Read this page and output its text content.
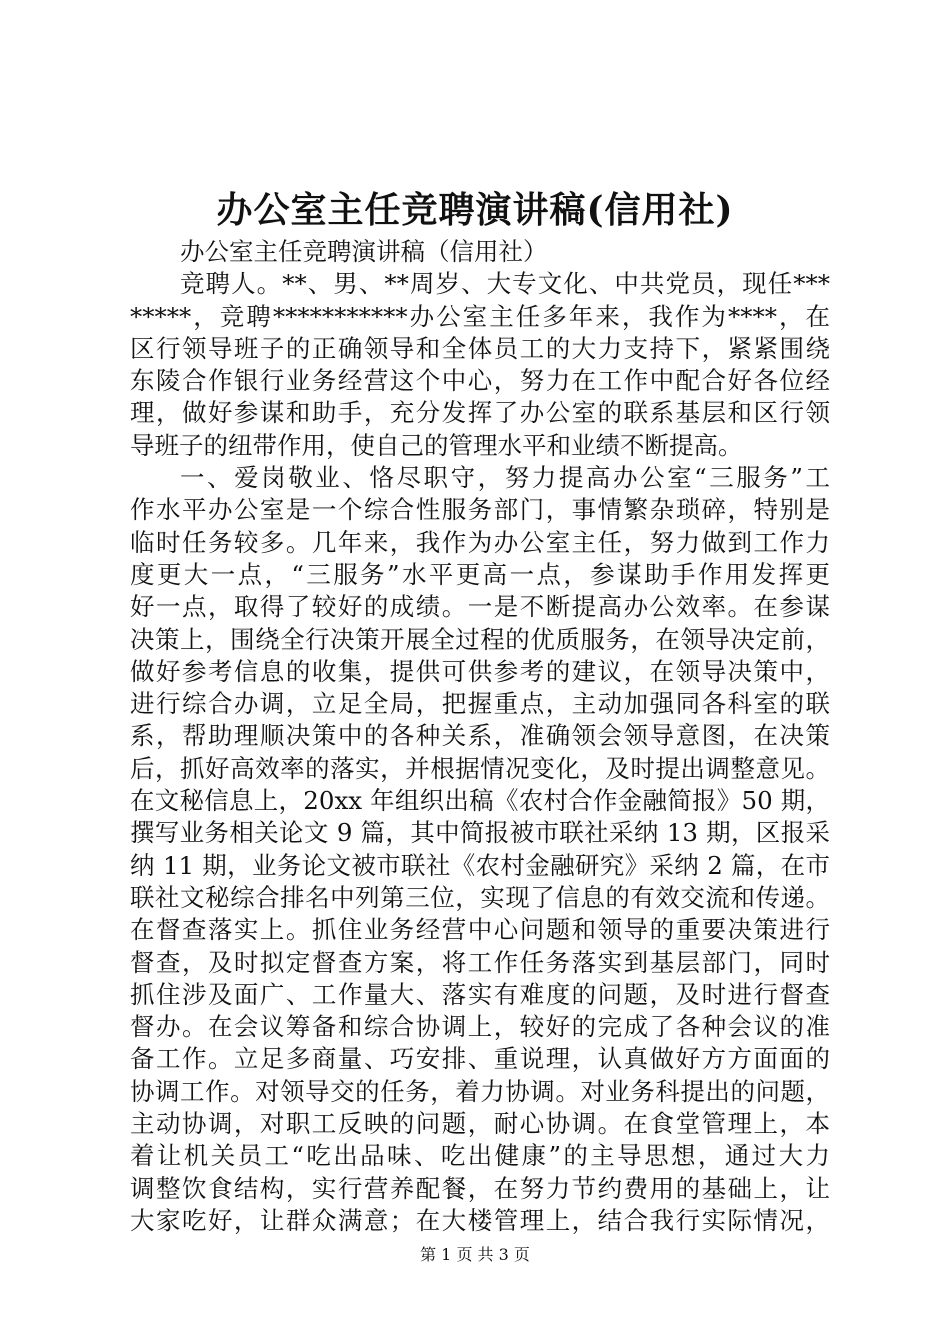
办公室主任竞聘演讲稿(信用社)
办公室主任竞聘演讲稿（信用社）
竞聘人。**、男、**周岁、大专文化、中共党员，现任***
*****，竞聘***********办公室主任多年来，我作为****，在
区行领导班子的正确领导和全体员工的大力支持下，紧紧围绕
东陵合作银行业务经营这个中心，努力在工作中配合好各位经
理，做好参谋和助手，充分发挥了办公室的联系基层和区行领
导班子的纽带作用，使自己的管理水平和业绩不断提高。
一、爱岗敬业、恪尽职守，努力提高办公室“三服务”工
作水平办公室是一个综合性服务部门，事情繁杂琐碎，特别是
临时任务较多。几年来，我作为办公室主任，努力做到工作力
度更大一点，“三服务”水平更高一点，参谋助手作用发挥更
好一点，取得了较好的成绩。一是不断提高办公效率。在参谋
决策上，围绕全行决策开展全过程的优质服务，在领导决定前，
做好参考信息的收集，提供可供参考的建议，在领导决策中，
进行综合办调，立足全局，把握重点，主动加强同各科室的联
系，帮助理顺决策中的各种关系，准确领会领导意图，在决策
后，抓好高效率的落实，并根据情况变化，及时提出调整意见。
在文秘信息上，20xx 年组织出稿《农村合作金融简报》50 期，
撰写业务相关论文 9 篇，其中简报被市联社采纳 13 期，区报采
纳 11 期，业务论文被市联社《农村金融研究》采纳 2 篇，在市
联社文秘综合排名中列第三位，实现了信息的有效交流和传递。
在督查落实上。抓住业务经营中心问题和领导的重要决策进行
督查，及时拟定督查方案，将工作任务落实到基层部门，同时
抓住涉及面广、工作量大、落实有难度的问题，及时进行督查
督办。在会议筹备和综合协调上，较好的完成了各种会议的准
备工作。立足多商量、巧安排、重说理，认真做好方方面面的
协调工作。对领导交的任务，着力协调。对业务科提出的问题，
主动协调，对职工反映的问题，耐心协调。在食堂管理上，本
着让机关员工“吃出品味、吃出健康”的主导思想，通过大力
调整饮食结构，实行营养配餐，在努力节约费用的基础上，让
大家吃好，让群众满意；在大楼管理上，结合我行实际情况，
第 1 页 共 3 页
